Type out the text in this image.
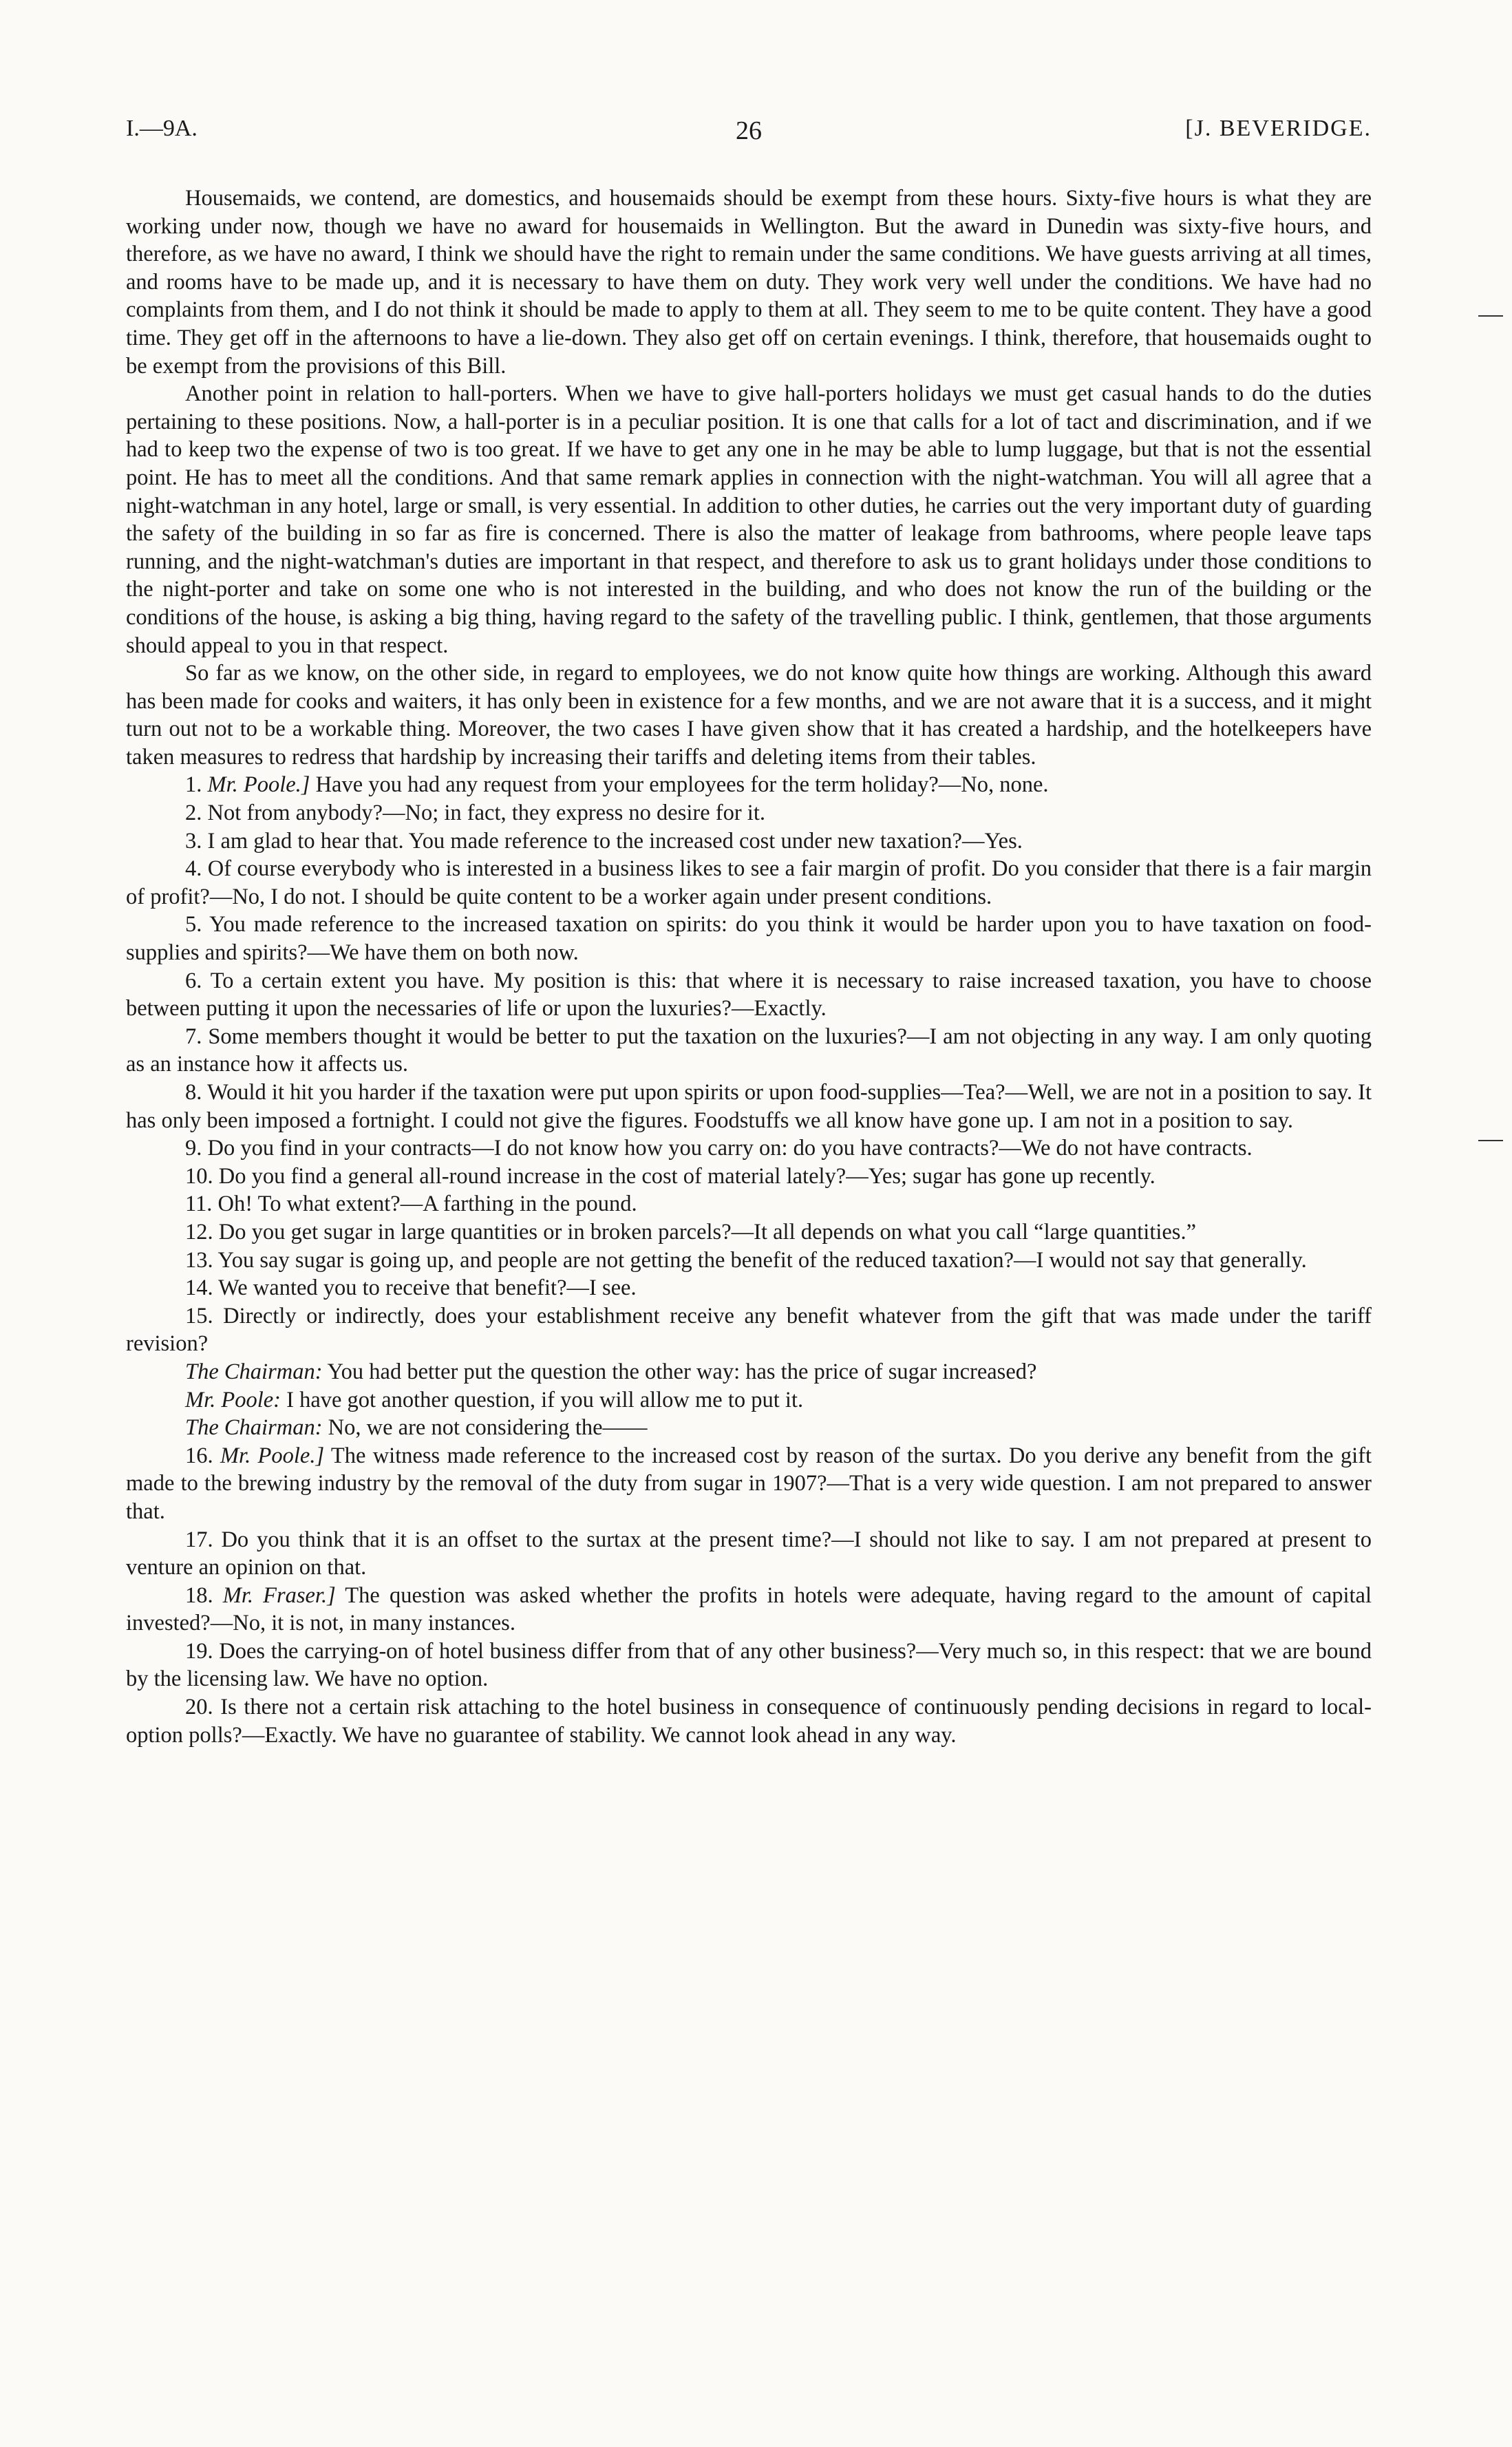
I.—9A.	26	[J. BEVERIDGE.

Housemaids, we contend, are domestics, and housemaids should be exempt from these hours. Sixty-five hours is what they are working under now, though we have no award for housemaids in Wellington. But the award in Dunedin was sixty-five hours, and therefore, as we have no award, I think we should have the right to remain under the same conditions. We have guests arriving at all times, and rooms have to be made up, and it is necessary to have them on duty. They work very well under the conditions. We have had no complaints from them, and I do not think it should be made to apply to them at all. They seem to me to be quite content. They have a good time. They get off in the afternoons to have a lie-down. They also get off on certain evenings. I think, therefore, that housemaids ought to be exempt from the provisions of this Bill.

Another point in relation to hall-porters. When we have to give hall-porters holidays we must get casual hands to do the duties pertaining to these positions. Now, a hall-porter is in a peculiar position. It is one that calls for a lot of tact and discrimination, and if we had to keep two the expense of two is too great. If we have to get any one in he may be able to lump luggage, but that is not the essential point. He has to meet all the conditions. And that same remark applies in connection with the night-watchman. You will all agree that a night-watchman in any hotel, large or small, is very essential. In addition to other duties, he carries out the very important duty of guarding the safety of the building in so far as fire is concerned. There is also the matter of leakage from bathrooms, where people leave taps running, and the night-watchman's duties are important in that respect, and therefore to ask us to grant holidays under those conditions to the night-porter and take on some one who is not interested in the building, and who does not know the run of the building or the conditions of the house, is asking a big thing, having regard to the safety of the travelling public. I think, gentlemen, that those arguments should appeal to you in that respect.

So far as we know, on the other side, in regard to employees, we do not know quite how things are working. Although this award has been made for cooks and waiters, it has only been in existence for a few months, and we are not aware that it is a success, and it might turn out not to be a workable thing. Moreover, the two cases I have given show that it has created a hardship, and the hotelkeepers have taken measures to redress that hardship by increasing their tariffs and deleting items from their tables.

1. Mr. Poole.] Have you had any request from your employees for the term holiday?—No, none.

2. Not from anybody?—No; in fact, they express no desire for it.

3. I am glad to hear that. You made reference to the increased cost under new taxation?—Yes.

4. Of course everybody who is interested in a business likes to see a fair margin of profit. Do you consider that there is a fair margin of profit?—No, I do not. I should be quite content to be a worker again under present conditions.

5. You made reference to the increased taxation on spirits: do you think it would be harder upon you to have taxation on food-supplies and spirits?—We have them on both now.

6. To a certain extent you have. My position is this: that where it is necessary to raise increased taxation, you have to choose between putting it upon the necessaries of life or upon the luxuries?—Exactly.

7. Some members thought it would be better to put the taxation on the luxuries?—I am not objecting in any way. I am only quoting as an instance how it affects us.

8. Would it hit you harder if the taxation were put upon spirits or upon food-supplies—Tea?—Well, we are not in a position to say. It has only been imposed a fortnight. I could not give the figures. Foodstuffs we all know have gone up. I am not in a position to say.

9. Do you find in your contracts—I do not know how you carry on: do you have contracts?—We do not have contracts.

10. Do you find a general all-round increase in the cost of material lately?—Yes; sugar has gone up recently.

11. Oh! To what extent?—A farthing in the pound.

12. Do you get sugar in large quantities or in broken parcels?—It all depends on what you call “large quantities.”

13. You say sugar is going up, and people are not getting the benefit of the reduced taxation?—I would not say that generally.

14. We wanted you to receive that benefit?—I see.

15. Directly or indirectly, does your establishment receive any benefit whatever from the gift that was made under the tariff revision?

The Chairman: You had better put the question the other way: has the price of sugar increased?

Mr. Poole: I have got another question, if you will allow me to put it.

The Chairman: No, we are not considering the——

16. Mr. Poole.] The witness made reference to the increased cost by reason of the surtax. Do you derive any benefit from the gift made to the brewing industry by the removal of the duty from sugar in 1907?—That is a very wide question. I am not prepared to answer that.

17. Do you think that it is an offset to the surtax at the present time?—I should not like to say. I am not prepared at present to venture an opinion on that.

18. Mr. Fraser.] The question was asked whether the profits in hotels were adequate, having regard to the amount of capital invested?—No, it is not, in many instances.

19. Does the carrying-on of hotel business differ from that of any other business?—Very much so, in this respect: that we are bound by the licensing law. We have no option.

20. Is there not a certain risk attaching to the hotel business in consequence of continuously pending decisions in regard to local-option polls?—Exactly. We have no guarantee of stability. We cannot look ahead in any way.
